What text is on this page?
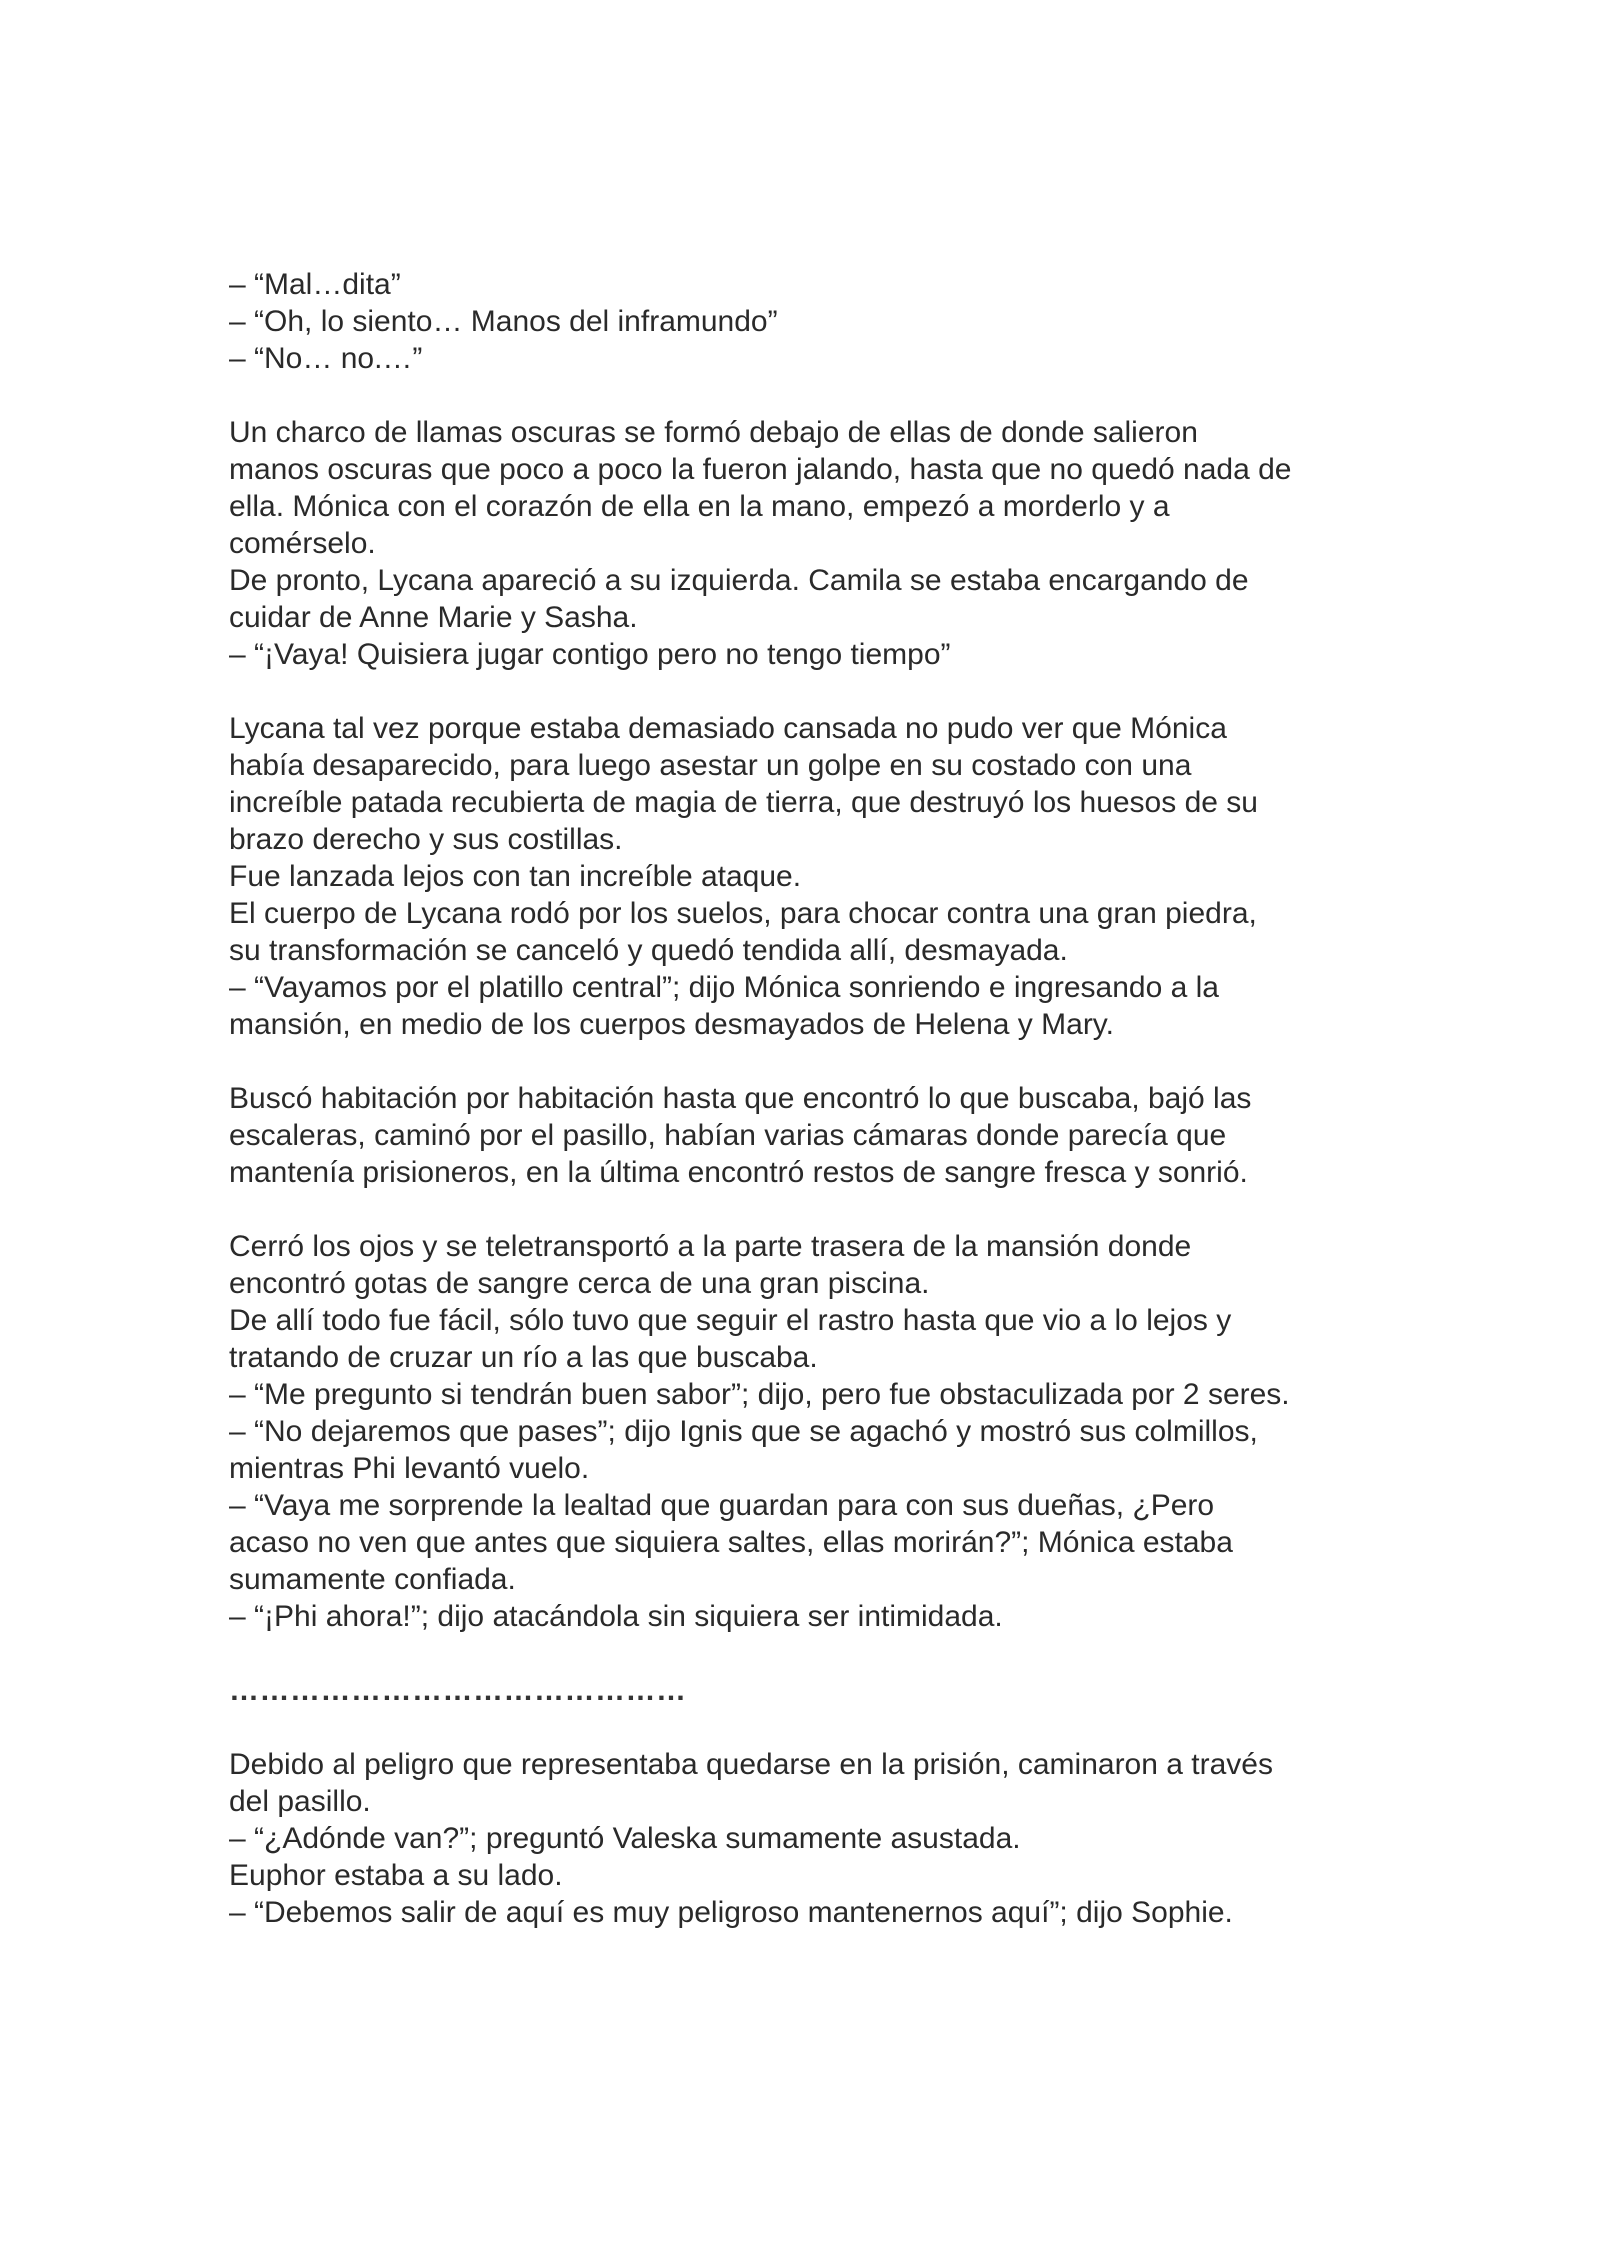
– “Mal…dita”

– “Oh, lo siento… Manos del inframundo”

– “No… no.…”

Un charco de llamas oscuras se formó debajo de ellas de donde salieron

manos oscuras que poco a poco la fueron jalando, hasta que no quedó nada de

ella. Mónica con el corazón de ella en la mano, empezó a morderlo y a

comérselo.

De pronto, Lycana apareció a su izquierda. Camila se estaba encargando de

cuidar de Anne Marie y Sasha.

– “¡Vaya! Quisiera jugar contigo pero no tengo tiempo”

Lycana tal vez porque estaba demasiado cansada no pudo ver que Mónica

había desaparecido, para luego asestar un golpe en su costado con una

increíble patada recubierta de magia de tierra, que destruyó los huesos de su

brazo derecho y sus costillas.

Fue lanzada lejos con tan increíble ataque.

El cuerpo de Lycana rodó por los suelos, para chocar contra una gran piedra,

su transformación se canceló y quedó tendida allí, desmayada.

– “Vayamos por el platillo central”; dijo Mónica sonriendo e ingresando a la

mansión, en medio de los cuerpos desmayados de Helena y Mary.

Buscó habitación por habitación hasta que encontró lo que buscaba, bajó las

escaleras, caminó por el pasillo, habían varias cámaras donde parecía que

mantenía prisioneros, en la última encontró restos de sangre fresca y sonrió.

Cerró los ojos y se teletransportó a la parte trasera de la mansión donde

encontró gotas de sangre cerca de una gran piscina.

De allí todo fue fácil, sólo tuvo que seguir el rastro hasta que vio a lo lejos y

tratando de cruzar un río a las que buscaba.

– “Me pregunto si tendrán buen sabor”; dijo, pero fue obstaculizada por 2 seres.

– “No dejaremos que pases”; dijo Ignis que se agachó y mostró sus colmillos,

mientras Phi levantó vuelo.

– “Vaya me sorprende la lealtad que guardan para con sus dueñas, ¿Pero

acaso no ven que antes que siquiera saltes, ellas morirán?”; Mónica estaba

sumamente confiada.

– “¡Phi ahora!”; dijo atacándola sin siquiera ser intimidada.

………………………………………

Debido al peligro que representaba quedarse en la prisión, caminaron a través

del pasillo.

– “¿Adónde van?”; preguntó Valeska sumamente asustada.

Euphor estaba a su lado.

– “Debemos salir de aquí es muy peligroso mantenernos aquí”; dijo Sophie.
